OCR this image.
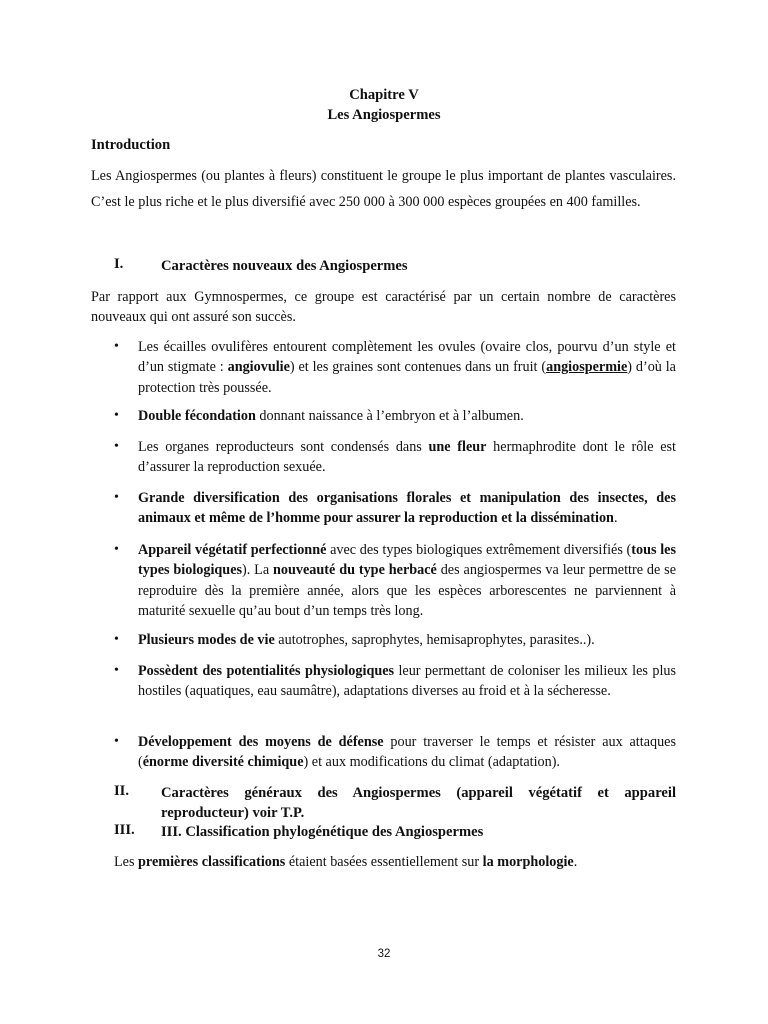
Chapitre V
Les Angiospermes
Introduction
Les Angiospermes (ou plantes à fleurs) constituent le groupe le plus important de plantes vasculaires. C’est le plus riche et le plus diversifié avec 250 000 à 300 000 espèces groupées en 400 familles.
I.	Caractères nouveaux des Angiospermes
Par rapport aux Gymnospermes, ce groupe est caractérisé par un certain nombre de caractères nouveaux qui ont assuré son succès.
• Les écailles ovulifères entourent complètement les ovules (ovaire clos, pourvu d’un style et d’un stigmate : angiovulie) et les graines sont contenues dans un fruit (angiospermie) d’où la protection très poussée.
• Double fécondation donnant naissance à l’embryon et à l’albumen.
• Les organes reproducteurs sont condensés dans une fleur hermaphrodite dont le rôle est d’assurer la reproduction sexuée.
• Grande diversification des organisations florales et manipulation des insectes, des animaux et même de l’homme pour assurer la reproduction et la dissémination.
• Appareil végétatif perfectionné avec des types biologiques extrêmement diversifiés (tous les types biologiques). La nouveauté du type herbacé des angiospermes va leur permettre de se reproduire dès la première année, alors que les espèces arborescentes ne parviennent à maturité sexuelle qu’au bout d’un temps très long.
• Plusieurs modes de vie autotrophes, saprophytes, hemisaprophytes, parasites..).
• Possèdent des potentialités physiologiques leur permettant de coloniser les milieux les plus hostiles (aquatiques, eau saumâtre), adaptations diverses au froid et à la sécheresse.
• Développement des moyens de défense pour traverser le temps et résister aux attaques (énorme diversité chimique) et aux modifications du climat (adaptation).
II. Caractères généraux des Angiospermes (appareil végétatif et appareil reproducteur) voir T.P.
III. III. Classification phylogénétique des Angiospermes
Les premières classifications étaient basées essentiellement sur la morphologie.
32
